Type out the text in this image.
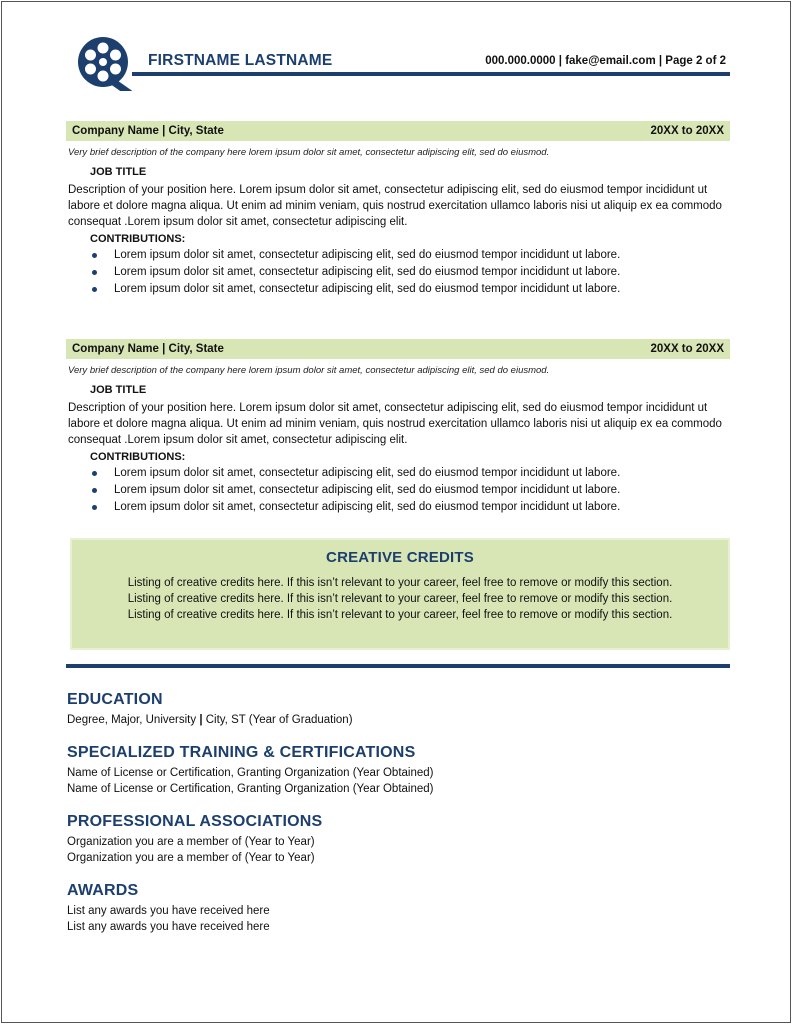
FIRSTNAME LASTNAME	000.000.0000 | fake@email.com | Page 2 of 2
Company Name | City, State	20XX to 20XX
Very brief description of the company here lorem ipsum dolor sit amet, consectetur adipiscing elit, sed do eiusmod.
JOB TITLE
Description of your position here. Lorem ipsum dolor sit amet, consectetur adipiscing elit, sed do eiusmod tempor incididunt ut labore et dolore magna aliqua. Ut enim ad minim veniam, quis nostrud exercitation ullamco laboris nisi ut aliquip ex ea commodo consequat .Lorem ipsum dolor sit amet, consectetur adipiscing elit.
CONTRIBUTIONS:
Lorem ipsum dolor sit amet, consectetur adipiscing elit, sed do eiusmod tempor incididunt ut labore.
Lorem ipsum dolor sit amet, consectetur adipiscing elit, sed do eiusmod tempor incididunt ut labore.
Lorem ipsum dolor sit amet, consectetur adipiscing elit, sed do eiusmod tempor incididunt ut labore.
Company Name | City, State	20XX to 20XX
Very brief description of the company here lorem ipsum dolor sit amet, consectetur adipiscing elit, sed do eiusmod.
JOB TITLE
Description of your position here. Lorem ipsum dolor sit amet, consectetur adipiscing elit, sed do eiusmod tempor incididunt ut labore et dolore magna aliqua. Ut enim ad minim veniam, quis nostrud exercitation ullamco laboris nisi ut aliquip ex ea commodo consequat .Lorem ipsum dolor sit amet, consectetur adipiscing elit.
CONTRIBUTIONS:
Lorem ipsum dolor sit amet, consectetur adipiscing elit, sed do eiusmod tempor incididunt ut labore.
Lorem ipsum dolor sit amet, consectetur adipiscing elit, sed do eiusmod tempor incididunt ut labore.
Lorem ipsum dolor sit amet, consectetur adipiscing elit, sed do eiusmod tempor incididunt ut labore.
CREATIVE CREDITS
Listing of creative credits here. If this isn’t relevant to your career, feel free to remove or modify this section.
Listing of creative credits here. If this isn’t relevant to your career, feel free to remove or modify this section.
Listing of creative credits here. If this isn’t relevant to your career, feel free to remove or modify this section.
EDUCATION
Degree, Major, University | City, ST (Year of Graduation)
SPECIALIZED TRAINING & CERTIFICATIONS
Name of License or Certification, Granting Organization (Year Obtained)
Name of License or Certification, Granting Organization (Year Obtained)
PROFESSIONAL ASSOCIATIONS
Organization you are a member of (Year to Year)
Organization you are a member of (Year to Year)
AWARDS
List any awards you have received here
List any awards you have received here
